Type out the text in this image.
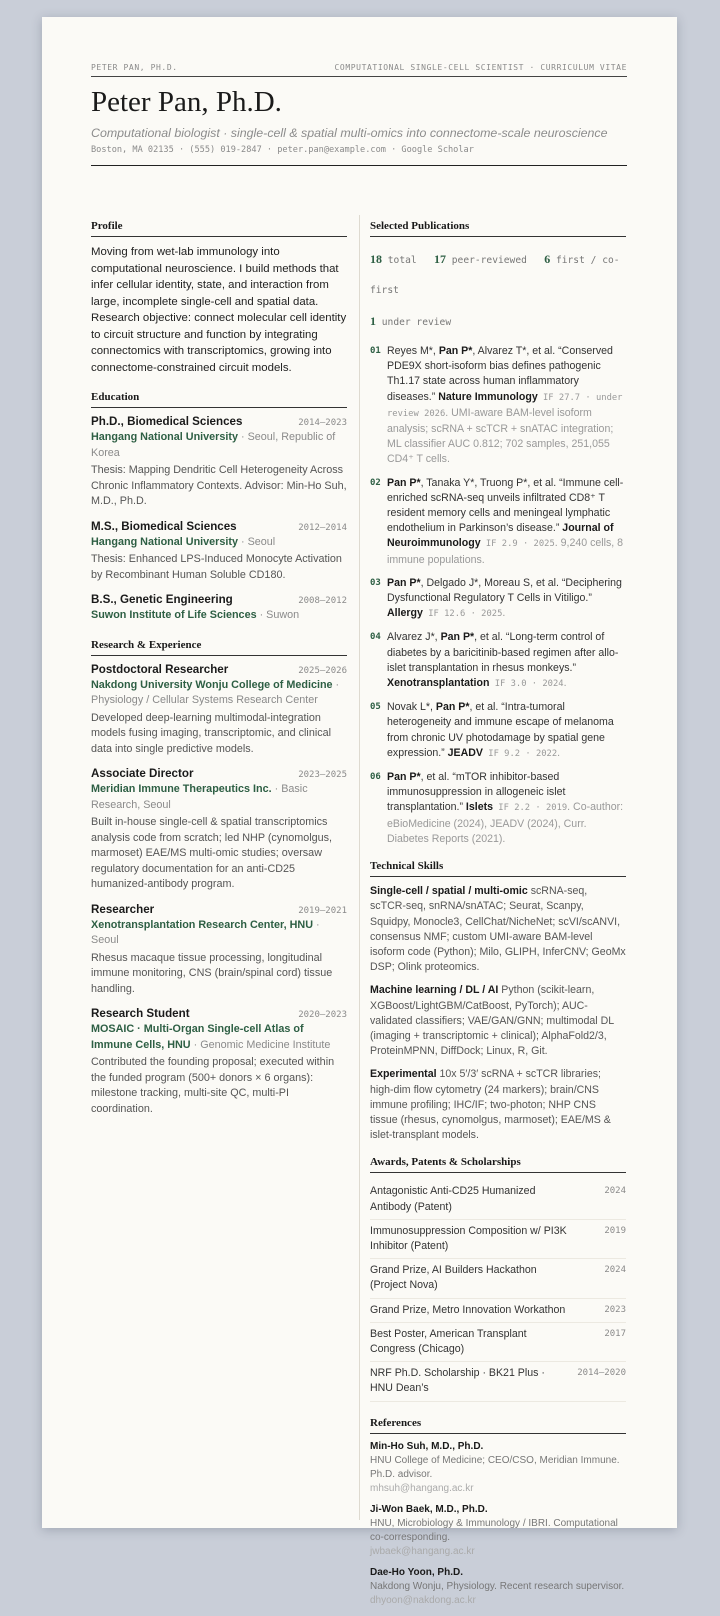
PETER PAN, PH.D.	COMPUTATIONAL SINGLE-CELL SCIENTIST · CURRICULUM VITAE
Peter Pan, Ph.D.
Computational biologist · single-cell & spatial multi-omics into connectome-scale neuroscience
Boston, MA 02135 · (555) 019-2847 · peter.pan@example.com · Google Scholar
Profile
Moving from wet-lab immunology into computational neuroscience. I build methods that infer cellular identity, state, and interaction from large, incomplete single-cell and spatial data. Research objective: connect molecular cell identity to circuit structure and function by integrating connectomics with transcriptomics, growing into connectome-constrained circuit models.
Education
Ph.D., Biomedical Sciences	2014–2023
Hangang National University · Seoul, Republic of Korea
Thesis: Mapping Dendritic Cell Heterogeneity Across Chronic Inflammatory Contexts. Advisor: Min-Ho Suh, M.D., Ph.D.
M.S., Biomedical Sciences	2012–2014
Hangang National University · Seoul
Thesis: Enhanced LPS-Induced Monocyte Activation by Recombinant Human Soluble CD180.
B.S., Genetic Engineering	2008–2012
Suwon Institute of Life Sciences · Suwon
Research & Experience
Postdoctoral Researcher	2025–2026
Nakdong University Wonju College of Medicine · Physiology / Cellular Systems Research Center
Developed deep-learning multimodal-integration models fusing imaging, transcriptomic, and clinical data into single predictive models.
Associate Director	2023–2025
Meridian Immune Therapeutics Inc. · Basic Research, Seoul
Built in-house single-cell & spatial transcriptomics analysis code from scratch; led NHP (cynomolgus, marmoset) EAE/MS multi-omic studies; oversaw regulatory documentation for an anti-CD25 humanized-antibody program.
Researcher	2019–2021
Xenotransplantation Research Center, HNU · Seoul
Rhesus macaque tissue processing, longitudinal immune monitoring, CNS (brain/spinal cord) tissue handling.
Research Student	2020–2023
MOSAIC · Multi-Organ Single-cell Atlas of Immune Cells, HNU · Genomic Medicine Institute
Contributed the founding proposal; executed within the funded program (500+ donors × 6 organs): milestone tracking, multi-site QC, multi-PI coordination.
Selected Publications
18 total 17 peer-reviewed 6 first / co-first
1 under review
01 Reyes M*, Pan P*, Alvarez T*, et al. “Conserved PDE9X short-isoform bias defines pathogenic Th1.17 state across human inflammatory diseases.” Nature Immunology IF 27.7 · under review 2026. UMI-aware BAM-level isoform analysis; scRNA + scTCR + snATAC integration; ML classifier AUC 0.812; 702 samples, 251,055 CD4⁺ T cells.
02 Pan P*, Tanaka Y*, Truong P*, et al. “Immune cell-enriched scRNA-seq unveils infiltrated CD8⁺ T resident memory cells and meningeal lymphatic endothelium in Parkinson’s disease.” Journal of Neuroimmunology IF 2.9 · 2025. 9,240 cells, 8 immune populations.
03 Pan P*, Delgado J*, Moreau S, et al. “Deciphering Dysfunctional Regulatory T Cells in Vitiligo.” Allergy IF 12.6 · 2025.
04 Alvarez J*, Pan P*, et al. “Long-term control of diabetes by a baricitinib-based regimen after allo-islet transplantation in rhesus monkeys.” Xenotransplantation IF 3.0 · 2024.
05 Novak L*, Pan P*, et al. “Intra-tumoral heterogeneity and immune escape of melanoma from chronic UV photodamage by spatial gene expression.” JEADV IF 9.2 · 2022.
06 Pan P*, et al. “mTOR inhibitor-based immunosuppression in allogeneic islet transplantation.” Islets IF 2.2 · 2019. Co-author: eBioMedicine (2024), JEADV (2024), Curr. Diabetes Reports (2021).
Technical Skills
Single-cell / spatial / multi-omic scRNA-seq, scTCR-seq, snRNA/snATAC; Seurat, Scanpy, Squidpy, Monocle3, CellChat/NicheNet; scVI/scANVI, consensus NMF; custom UMI-aware BAM-level isoform code (Python); Milo, GLIPH, InferCNV; GeoMx DSP; Olink proteomics.
Machine learning / DL / AI Python (scikit-learn, XGBoost/LightGBM/CatBoost, PyTorch); AUC-validated classifiers; VAE/GAN/GNN; multimodal DL (imaging + transcriptomic + clinical); AlphaFold2/3, ProteinMPNN, DiffDock; Linux, R, Git.
Experimental 10x 5′/3′ scRNA + scTCR libraries; high-dim flow cytometry (24 markers); brain/CNS immune profiling; IHC/IF; two-photon; NHP CNS tissue (rhesus, cynomolgus, marmoset); EAE/MS & islet-transplant models.
Awards, Patents & Scholarships
Antagonistic Anti-CD25 Humanized Antibody (Patent)
2024
Immunosuppression Composition w/ PI3K Inhibitor (Patent)
2019
Grand Prize, AI Builders Hackathon (Project Nova)
2024
Grand Prize, Metro Innovation Workathon	2023
Best Poster, American Transplant Congress (Chicago)
2017
NRF Ph.D. Scholarship · BK21 Plus · HNU Dean’s
2014–2020
References
Min-Ho Suh, M.D., Ph.D.
HNU College of Medicine; CEO/CSO, Meridian Immune. Ph.D. advisor.
mhsuh@hangang.ac.kr
Ji-Won Baek, M.D., Ph.D.
HNU, Microbiology & Immunology / IBRI. Computational co-corresponding.
jwbaek@hangang.ac.kr
Dae-Ho Yoon, Ph.D.
Nakdong Wonju, Physiology. Recent research supervisor.
dhyoon@nakdong.ac.kr
